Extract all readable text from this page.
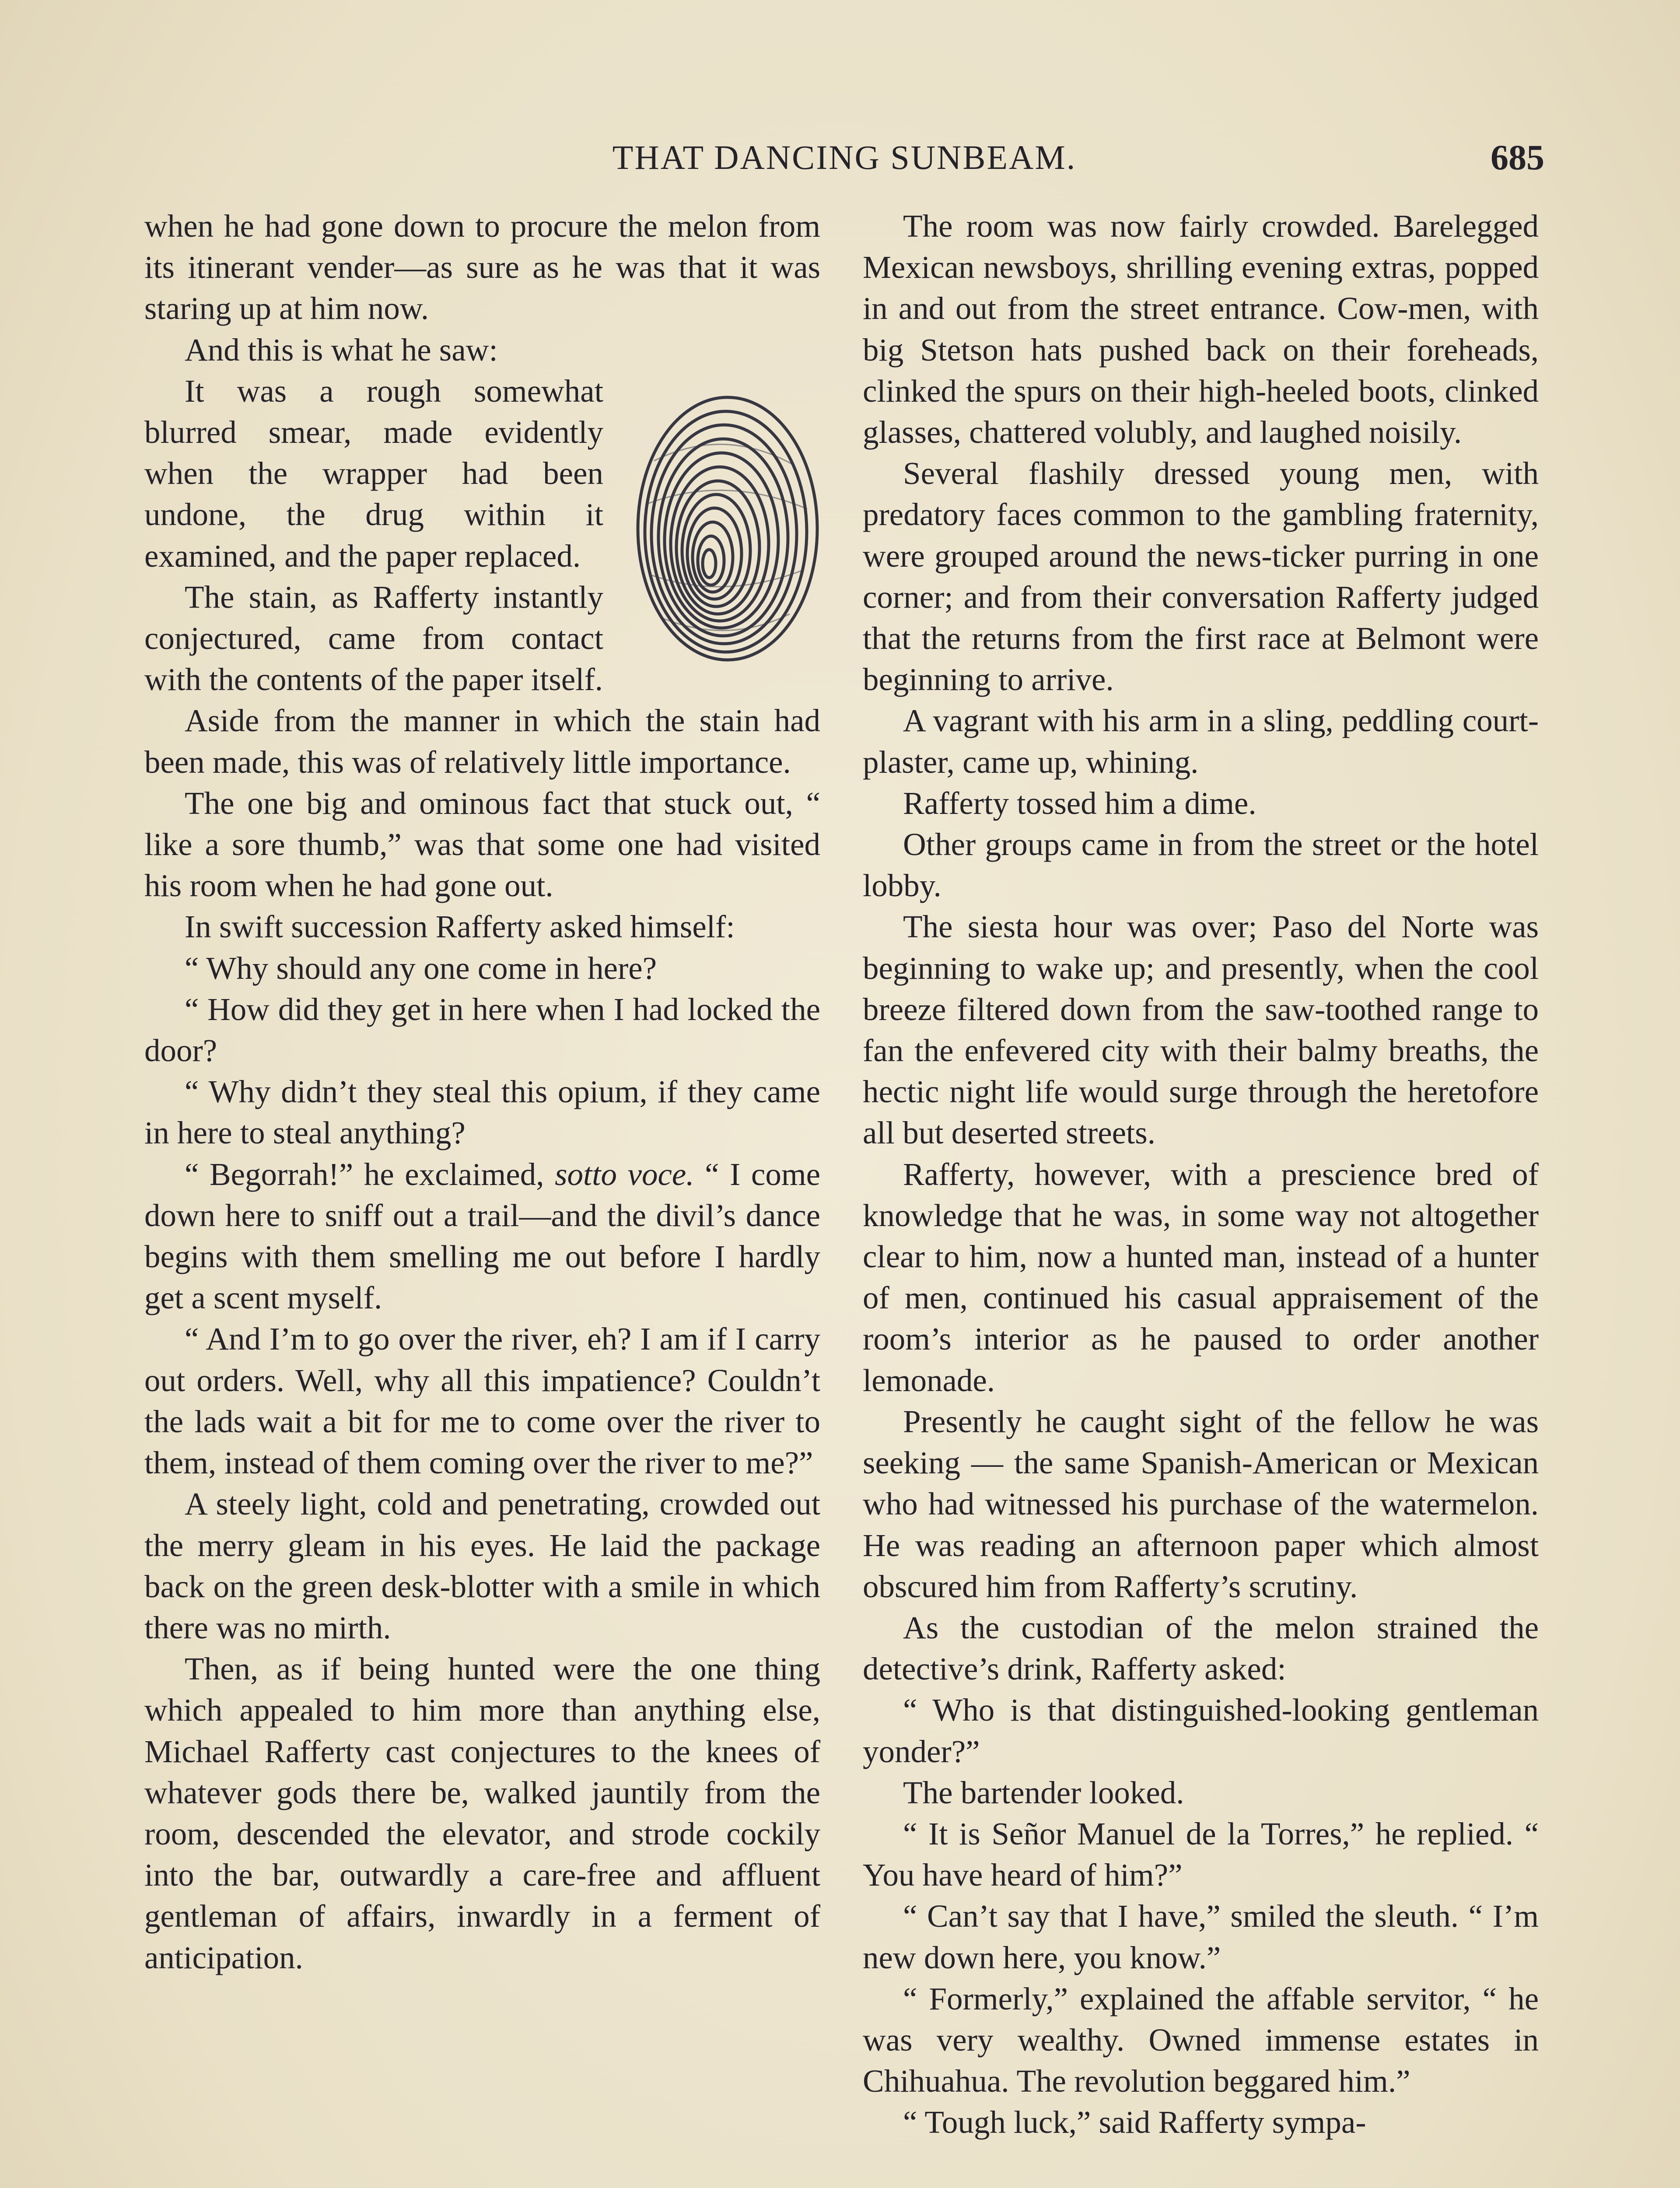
THAT DANCING SUNBEAM.	685

when he had gone down to procure the melon from its itinerant vender—as sure as he was that it was staring up at him now.

And this is what he saw:

It was a rough somewhat blurred smear, made evidently when the wrapper had been undone, the drug within it examined, and the paper replaced.

The stain, as Rafferty instantly conjectured, came from contact with the contents of the paper itself.

Aside from the manner in which the stain had been made, this was of relatively little importance.

The one big and ominous fact that stuck out, “ like a sore thumb,” was that some one had visited his room when he had gone out.

In swift succession Rafferty asked himself:

“ Why should any one come in here?

“ How did they get in here when I had locked the door?

“ Why didn’t they steal this opium, if they came in here to steal anything?

“ Begorrah!” he exclaimed, sotto voce. “ I come down here to sniff out a trail—and the divil’s dance begins with them smelling me out before I hardly get a scent myself.

“ And I’m to go over the river, eh? I am if I carry out orders. Well, why all this impatience? Couldn’t the lads wait a bit for me to come over the river to them, instead of them coming over the river to me?”

A steely light, cold and penetrating, crowded out the merry gleam in his eyes. He laid the package back on the green desk-blotter with a smile in which there was no mirth.

Then, as if being hunted were the one thing which appealed to him more than anything else, Michael Rafferty cast conjectures to the knees of whatever gods there be, walked jauntily from the room, descended the elevator, and strode cockily into the bar, outwardly a care-free and affluent gentleman of affairs, inwardly in a ferment of anticipation.

The room was now fairly crowded. Barelegged Mexican newsboys, shrilling evening extras, popped in and out from the street entrance. Cow-men, with big Stetson hats pushed back on their foreheads, clinked the spurs on their high-heeled boots, clinked glasses, chattered volubly, and laughed noisily.

Several flashily dressed young men, with predatory faces common to the gambling fraternity, were grouped around the news-ticker purring in one corner; and from their conversation Rafferty judged that the returns from the first race at Belmont were beginning to arrive.

A vagrant with his arm in a sling, peddling court-plaster, came up, whining.

Rafferty tossed him a dime.

Other groups came in from the street or the hotel lobby.

The siesta hour was over; Paso del Norte was beginning to wake up; and presently, when the cool breeze filtered down from the saw-toothed range to fan the enfevered city with their balmy breaths, the hectic night life would surge through the heretofore all but deserted streets.

Rafferty, however, with a prescience bred of knowledge that he was, in some way not altogether clear to him, now a hunted man, instead of a hunter of men, continued his casual appraisement of the room’s interior as he paused to order another lemonade.

Presently he caught sight of the fellow he was seeking — the same Spanish-American or Mexican who had witnessed his purchase of the watermelon. He was reading an afternoon paper which almost obscured him from Rafferty’s scrutiny.

As the custodian of the melon strained the detective’s drink, Rafferty asked:

“ Who is that distinguished-looking gentleman yonder?”

The bartender looked.

“ It is Señor Manuel de la Torres,” he replied. “ You have heard of him?”

“ Can’t say that I have,” smiled the sleuth. “ I’m new down here, you know.”

“ Formerly,” explained the affable servitor, “ he was very wealthy. Owned immense estates in Chihuahua. The revolution beggared him.”

“ Tough luck,” said Rafferty sympa-
